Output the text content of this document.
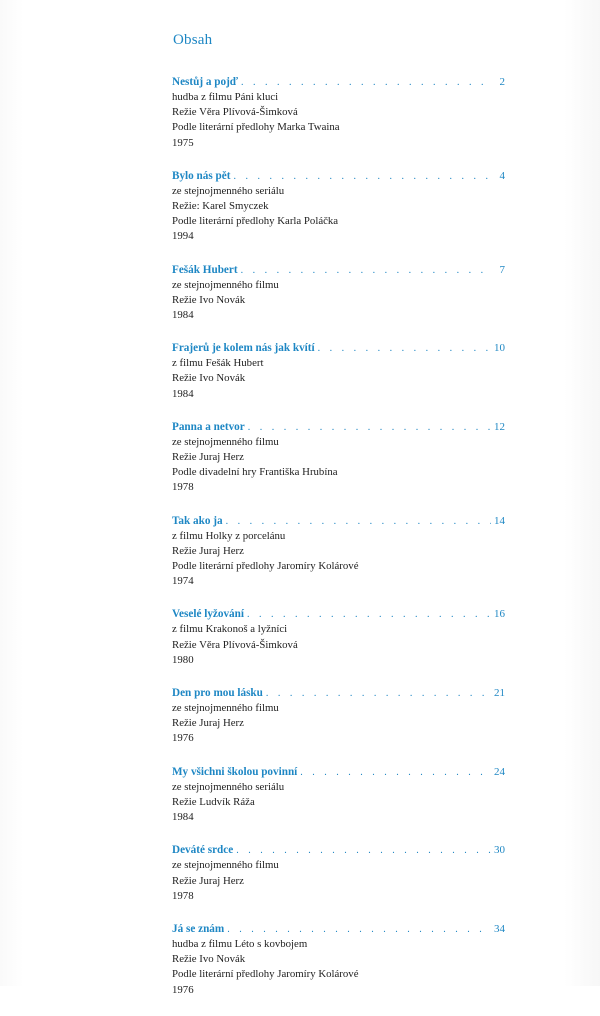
Obsah
Nestůj a pojď . . .	2
hudba z filmu Páni kluci
Režie Věra Plívová-Šimková
Podle literární předlohy Marka Twaina
1975
Bylo nás pět . . .	4
ze stejnojmenného seriálu
Režie: Karel Smyczek
Podle literární předlohy Karla Poláčka
1994
Fešák Hubert . . .	7
ze stejnojmenného filmu
Režie Ivo Novák
1984
Frajerů je kolem nás jak kvítí . . .	10
z filmu Fešák Hubert
Režie Ivo Novák
1984
Panna a netvor . . .	12
ze stejnojmenného filmu
Režie Juraj Herz
Podle divadelní hry Františka Hrubína
1978
Tak ako ja . . .	14
z filmu Holky z porcelánu
Režie Juraj Herz
Podle literární předlohy Jaromíry Kolárové
1974
Veselé lyžování . . .	16
z filmu Krakonoš a lyžníci
Režie Věra Plívová-Šimková
1980
Den pro mou lásku . . .	21
ze stejnojmenného filmu
Režie Juraj Herz
1976
My všichni školou povinní . . .	24
ze stejnojmenného seriálu
Režie Ludvík Ráža
1984
Deváté srdce . . .	30
ze stejnojmenného filmu
Režie Juraj Herz
1978
Já se znám . . .	34
hudba z filmu Léto s kovbojem
Režie Ivo Novák
Podle literární předlohy Jaromíry Kolárové
1976
